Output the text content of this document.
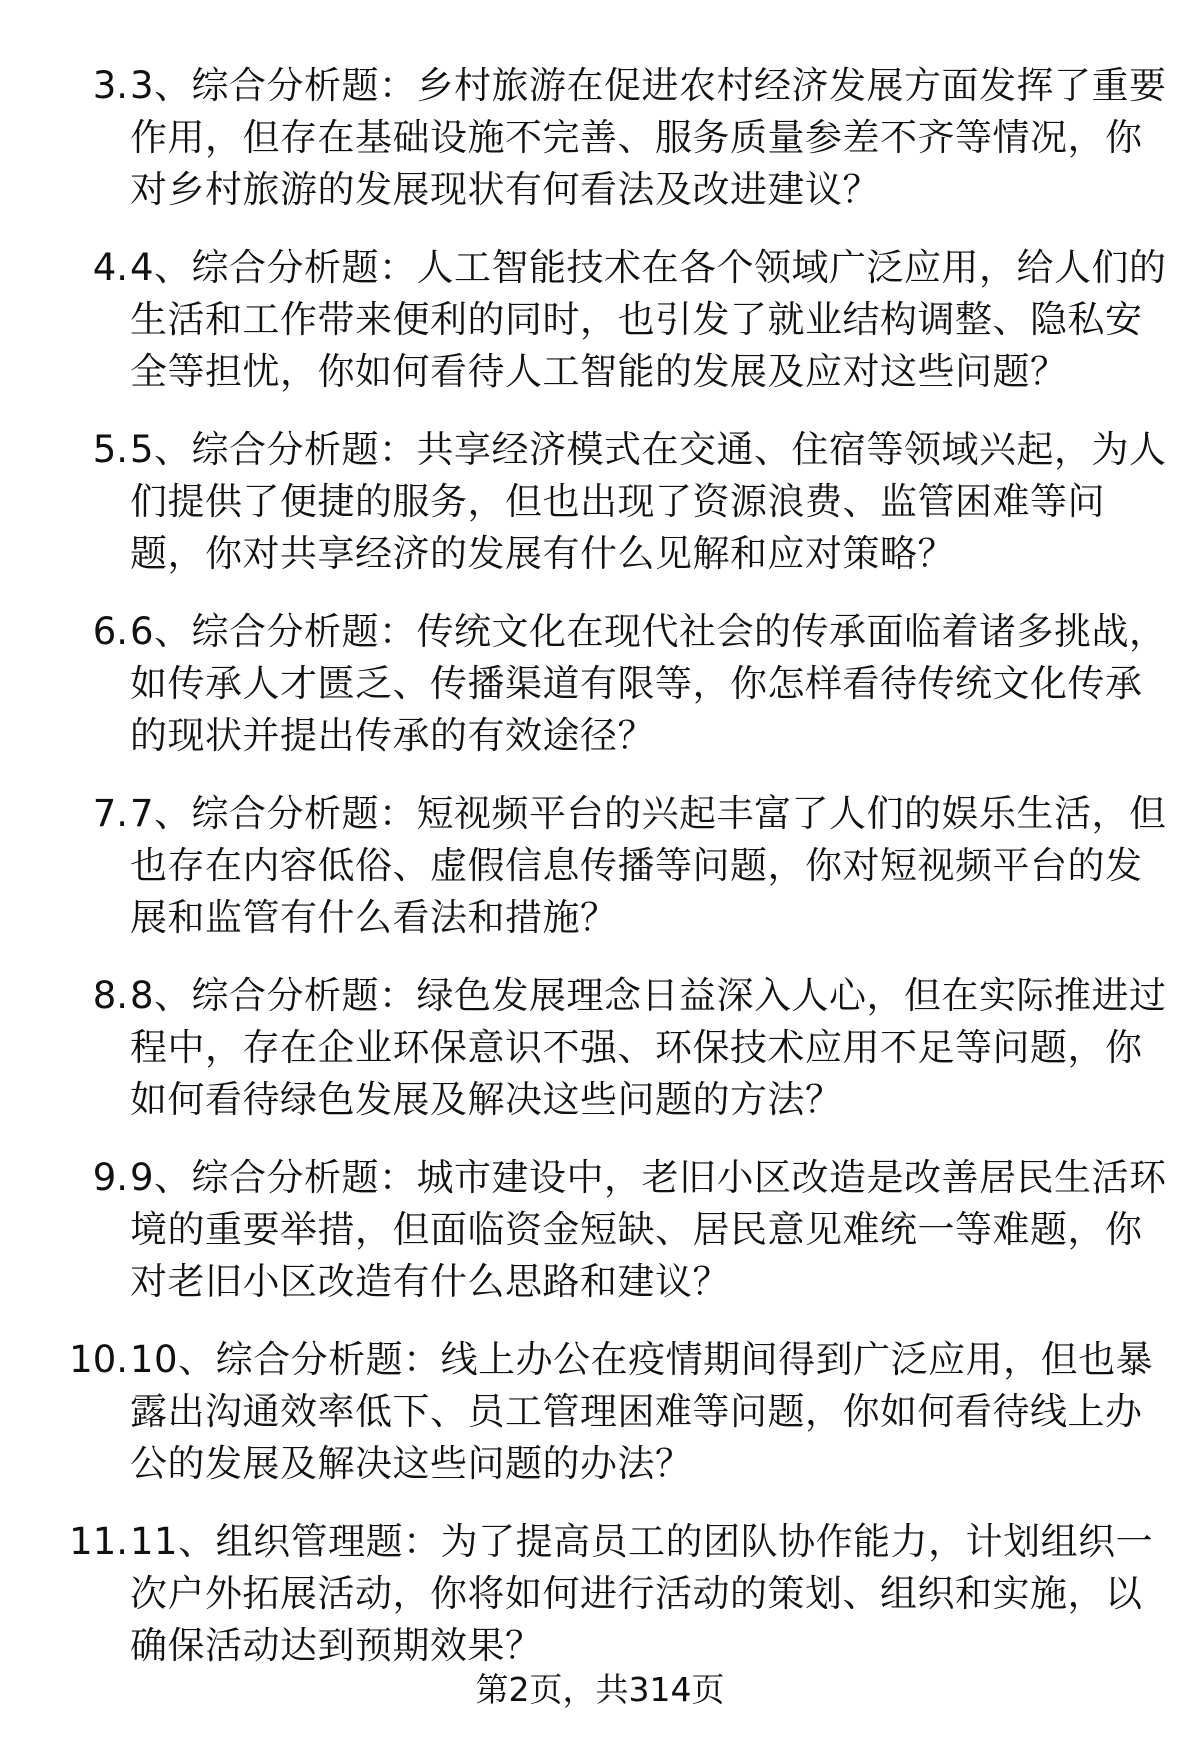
3. 3、综合分析题：乡村旅游在促进农村经济发展方面发挥了重要作用，但存在基础设施不完善、服务质量参差不齐等情况，你对乡村旅游的发展现状有何看法及改进建议？
4. 4、综合分析题：人工智能技术在各个领域广泛应用，给人们的生活和工作带来便利的同时，也引发了就业结构调整、隐私安全等担忧，你如何看待人工智能的发展及应对这些问题？
5. 5、综合分析题：共享经济模式在交通、住宿等领域兴起，为人们提供了便捷的服务，但也出现了资源浪费、监管困难等问题，你对共享经济的发展有什么见解和应对策略？
6. 6、综合分析题：传统文化在现代社会的传承面临着诸多挑战，如传承人才匮乏、传播渠道有限等，你怎样看待传统文化传承的现状并提出传承的有效途径？
7. 7、综合分析题：短视频平台的兴起丰富了人们的娱乐生活，但也存在内容低俗、虚假信息传播等问题，你对短视频平台的发展和监管有什么看法和措施？
8. 8、综合分析题：绿色发展理念日益深入人心，但在实际推进过程中，存在企业环保意识不强、环保技术应用不足等问题，你如何看待绿色发展及解决这些问题的方法？
9. 9、综合分析题：城市建设中，老旧小区改造是改善居民生活环境的重要举措，但面临资金短缺、居民意见难统一等难题，你对老旧小区改造有什么思路和建议？
10. 10、综合分析题：线上办公在疫情期间得到广泛应用，但也暴露出沟通效率低下、员工管理困难等问题，你如何看待线上办公的发展及解决这些问题的办法？
11. 11、组织管理题：为了提高员工的团队协作能力，计划组织一次户外拓展活动，你将如何进行活动的策划、组织和实施，以确保活动达到预期效果？
第2页，共314页
